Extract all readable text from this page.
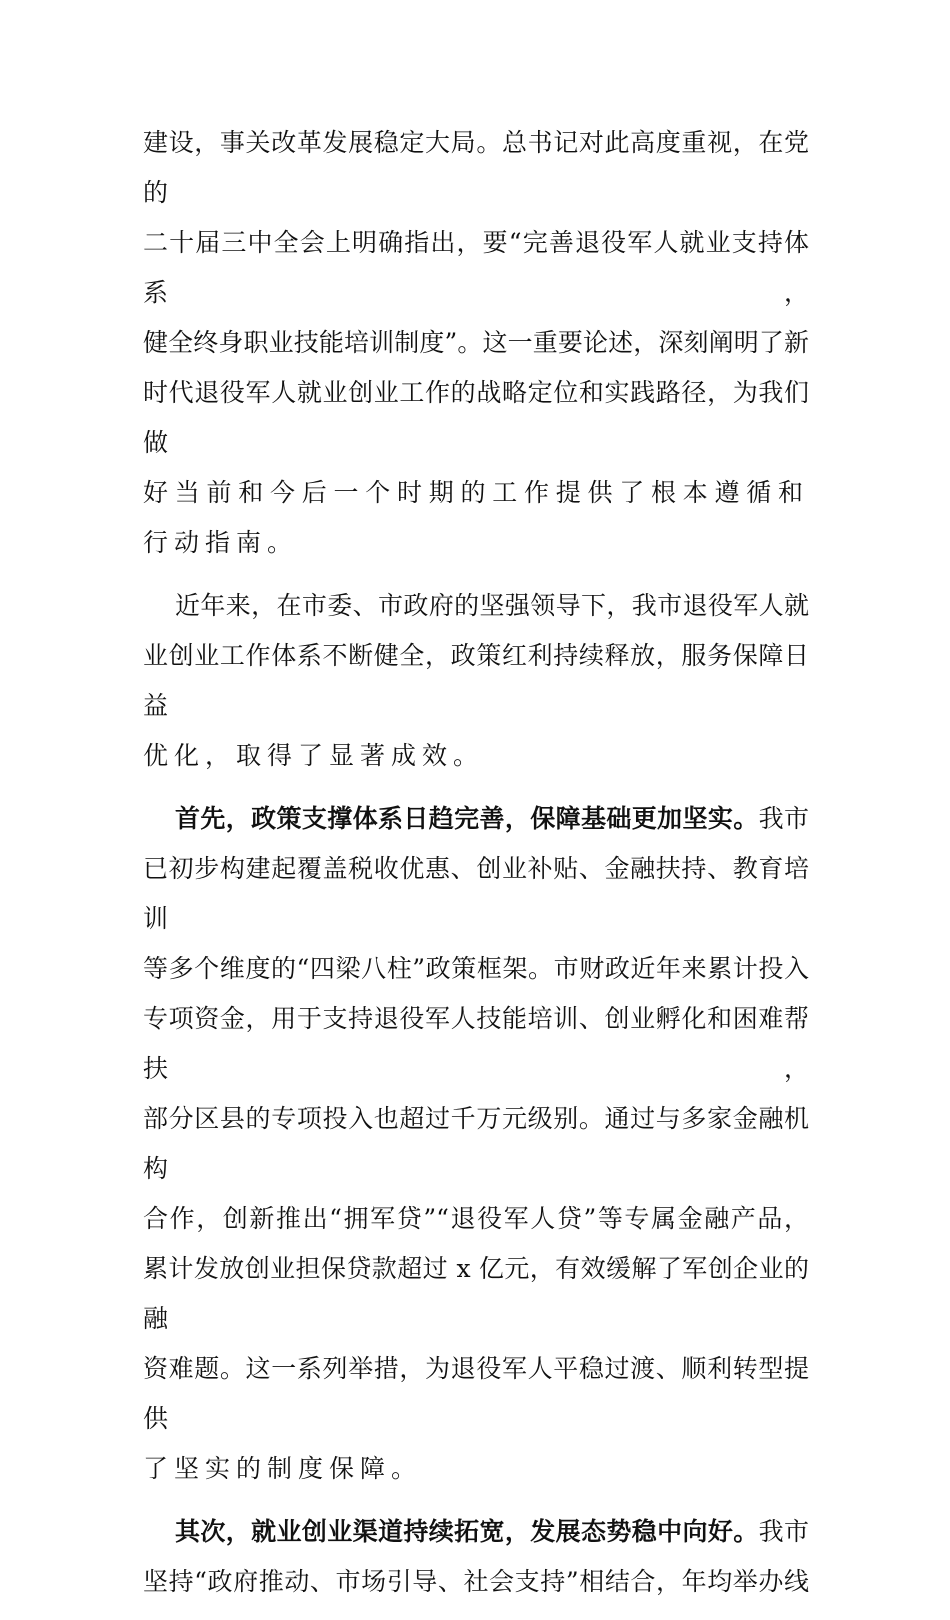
建设，事关改革发展稳定大局。总书记对此高度重视，在党的
二十届三中全会上明确指出，要“完善退役军人就业支持体系，
健全终身职业技能培训制度”。这一重要论述，深刻阐明了新
时代退役军人就业创业工作的战略定位和实践路径，为我们做
好当前和今后一个时期的工作提供了根本遵循和行动指南。
近年来，在市委、市政府的坚强领导下，我市退役军人就
业创业工作体系不断健全，政策红利持续释放，服务保障日益
优化，取得了显著成效。
首先，政策支撑体系日趋完善，保障基础更加坚实。我市
已初步构建起覆盖税收优惠、创业补贴、金融扶持、教育培训
等多个维度的“四梁八柱”政策框架。市财政近年来累计投入
专项资金，用于支持退役军人技能培训、创业孵化和困难帮扶，
部分区县的专项投入也超过千万元级别。通过与多家金融机构
合作，创新推出“拥军贷”“退役军人贷”等专属金融产品，
累计发放创业担保贷款超过 x 亿元，有效缓解了军创企业的融
资难题。这一系列举措，为退役军人平稳过渡、顺利转型提供
了坚实的制度保障。
其次，就业创业渠道持续拓宽，发展态势稳中向好。我市
坚持“政府推动、市场引导、社会支持”相结合，年均举办线
